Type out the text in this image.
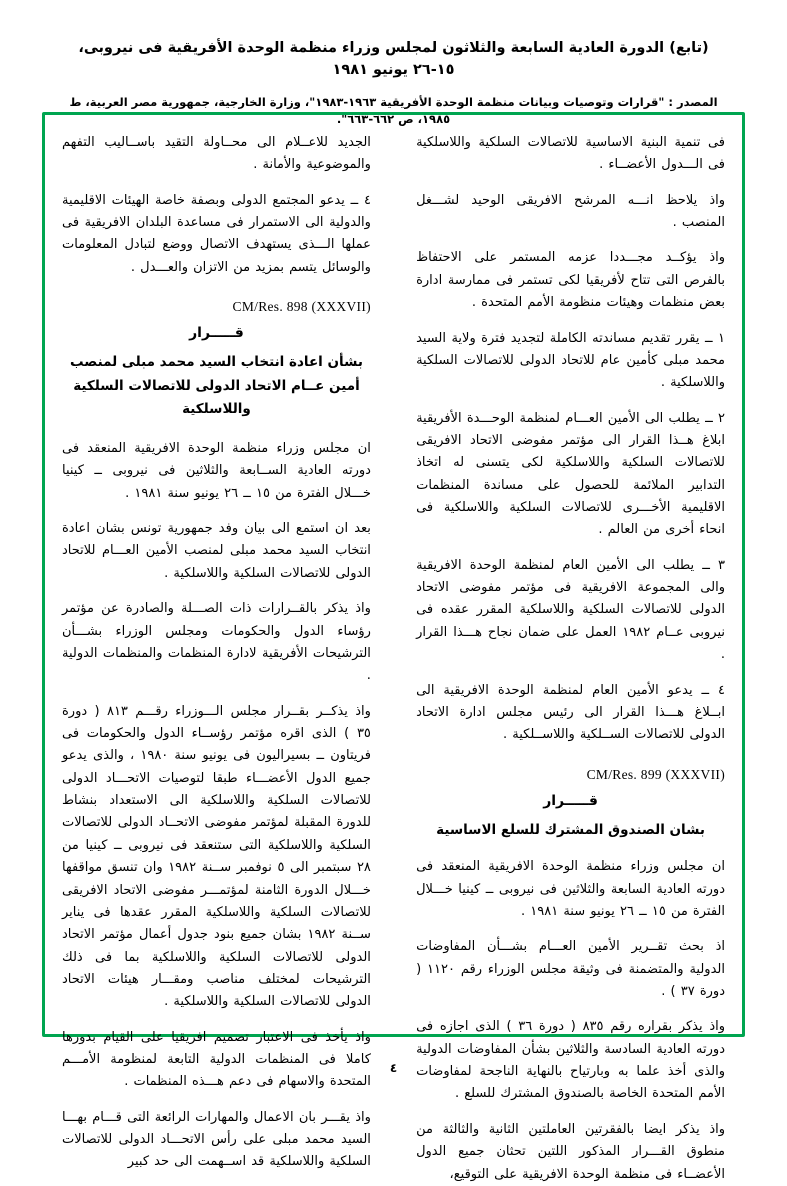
(تابع) الدورة العادية السابعة والثلاثون لمجلس وزراء منظمة الوحدة الأفريقية فى نيروبى، ١٥-٢٦ يونيو ١٩٨١
المصدر : "قرارات وتوصيات وبيانات منظمة الوحدة الأفريقية ١٩٦٣-١٩٨٣"، وزارة الخارجية، جمهورية مصر العربية، ط ١٩٨٥، ص ٦٦٢-٦٦٣".

الجديد للاعــلام الى محــاولة التقيد باســاليب التفهم والموضوعية والأمانة .

٤ ــ يدعو المجتمع الدولى وبصفة خاصة الهيئات الاقليمية والدولية الى الاستمرار فى مساعدة البلدان الافريقية فى عملها الـــذى يستهدف الاتصال ووضع لتبادل المعلومات والوسائل يتسم بمزيد من الاتزان والعـــدل .

CM/Res. 898 (XXXVII)
قـــــرار
بشأن اعادة انتخاب السيد محمد مبلى لمنصب أمين عــام الاتحاد الدولى للاتصالات السلكية واللاسلكية

ان مجلس وزراء منظمة الوحدة الافريقية المنعقد فى دورته العادية الســابعة والثلاثين فى نيروبى ــ كينيا خـــلال الفترة من ١٥ ــ ٢٦ يونيو سنة ١٩٨١ .

بعد ان استمع الى بيان وفد جمهورية تونس بشان اعادة انتخاب السيد محمد مبلى لمنصب الأمين العـــام للاتحاد الدولى للاتصالات السلكية واللاسلكية .

واذ يذكر بالقــرارات ذات الصـــلة والصادرة عن مؤتمر رؤساء الدول والحكومات ومجلس الوزراء بشـــأن الترشيحات الأفريقية لادارة المنظمات والمنظمات الدولية .

واذ يذكــر بقــرار مجلس الـــوزراء رقـــم ٨١٣ ( دورة ٣٥ ) الذى اقره مؤتمر رؤســاء الدول والحكومات فى فريتاون ــ بسيراليون فى يونيو سنة ١٩٨٠ ، والذى يدعو جميع الدول الأعضـــاء طبقا لتوصيات الاتحـــاد الدولى للاتصالات السلكية واللاسلكية الى الاستعداد بنشاط للدورة المقبلة لمؤتمر مفوضى الاتحــاد الدولى للاتصالات السلكية واللاسلكية التى ستنعقد فى نيروبى ــ كينيا من ٢٨ سبتمبر الى ٥ نوفمبر ســنة ١٩٨٢ وان تنسق مواقفها خـــلال الدورة الثامنة لمؤتمـــر مفوضى الاتحاد الافريقى للاتصالات السلكية واللاسلكية المقرر عقدها فى يناير ســنة ١٩٨٢ بشان جميع بنود جدول أعمال مؤتمر الاتحاد الدولى للاتصالات السلكية واللاسلكية بما فى ذلك الترشيحات لمختلف مناصب ومقـــار هيئات الاتحاد الدولى للاتصالات السلكية واللاسلكية .

واذ يأخذ فى الاعتبار تصميم افريقيا على القيام بدورها كاملا فى المنظمات الدولية التابعة لمنظومة الأمـــم المتحدة والاسهام فى دعم هـــذه المنظمات .

واذ يقـــر بان الاعمال والمهارات الرائعة التى قـــام بهـــا السيد محمد مبلى على رأس الاتحـــاد الدولى للاتصالات السلكية واللاسلكية قد اســهمت الى حد كبير

فى تنمية البنية الاساسية للاتصالات السلكية واللاسلكية فى الـــدول الأعضــاء .

واذ يلاحظ انـــه المرشح الافريقى الوحيد لشـــغل المنصب .

واذ يؤكــد مجـــددا عزمه المستمر على الاحتفاظ بالفرص التى تتاح لأفريقيا لكى تستمر فى ممارسة ادارة بعض منظمات وهيئات منظومة الأمم المتحدة .

١ ــ يقرر تقديم مساندته الكاملة لتجديد فترة ولاية السيد محمد مبلى كأمين عام للاتحاد الدولى للاتصالات السلكية واللاسلكية .

٢ ــ يطلب الى الأمين العـــام لمنظمة الوحـــدة الأفريقية ابلاغ هــذا القرار الى مؤتمر مفوضى الاتحاد الافريقى للاتصالات السلكية واللاسلكية لكى يتسنى له اتخاذ التدابير الملائمة للحصول على مساندة المنظمات الاقليمية الأخـــرى للاتصالات السلكية واللاسلكية فى انحاء أخرى من العالم .

٣ ــ يطلب الى الأمين العام لمنظمة الوحدة الافريقية والى المجموعة الافريقية فى مؤتمر مفوضى الاتحاد الدولى للاتصالات السلكية واللاسلكية المقرر عقده فى نيروبى عــام ١٩٨٢ العمل على ضمان نجاح هـــذا القرار .

٤ ــ يدعو الأمين العام لمنظمة الوحدة الافريقية الى ابــلاغ هـــذا القرار الى رئيس مجلس ادارة الاتحاد الدولى للاتصالات الســلكية واللاســلكية .

CM/Res. 899 (XXXVII)
قـــــرار
بشان الصندوق المشترك للسلع الاساسية

ان مجلس وزراء منظمة الوحدة الافريقية المنعقد فى دورته العادية السابعة والثلاثين فى نيروبى ــ كينيا خـــلال الفترة من ١٥ ــ ٢٦ يونيو سنة ١٩٨١ .

اذ بحث تقــرير الأمين العـــام بشـــأن المفاوضات الدولية والمتضمنة فى وثيقة مجلس الوزراء رقم ١١٢٠ ( دورة ٣٧ ) .

واذ يذكر بقراره رقم ٨٣٥ ( دورة ٣٦ ) الذى اجازه فى دورته العادية السادسة والثلاثين بشأن المفاوضات الدولية والذى أخذ علما به وبارتياح بالنهاية الناجحة لمفاوضات الأمم المتحدة الخاصة بالصندوق المشترك للسلع .

واذ يذكر ايضا بالفقرتين العاملتين الثانية والثالثة من منطوق القـــرار المذكور اللتين تحثان جميع الدول الأعضــاء فى منظمة الوحدة الافريقية على التوقيع،

٤
